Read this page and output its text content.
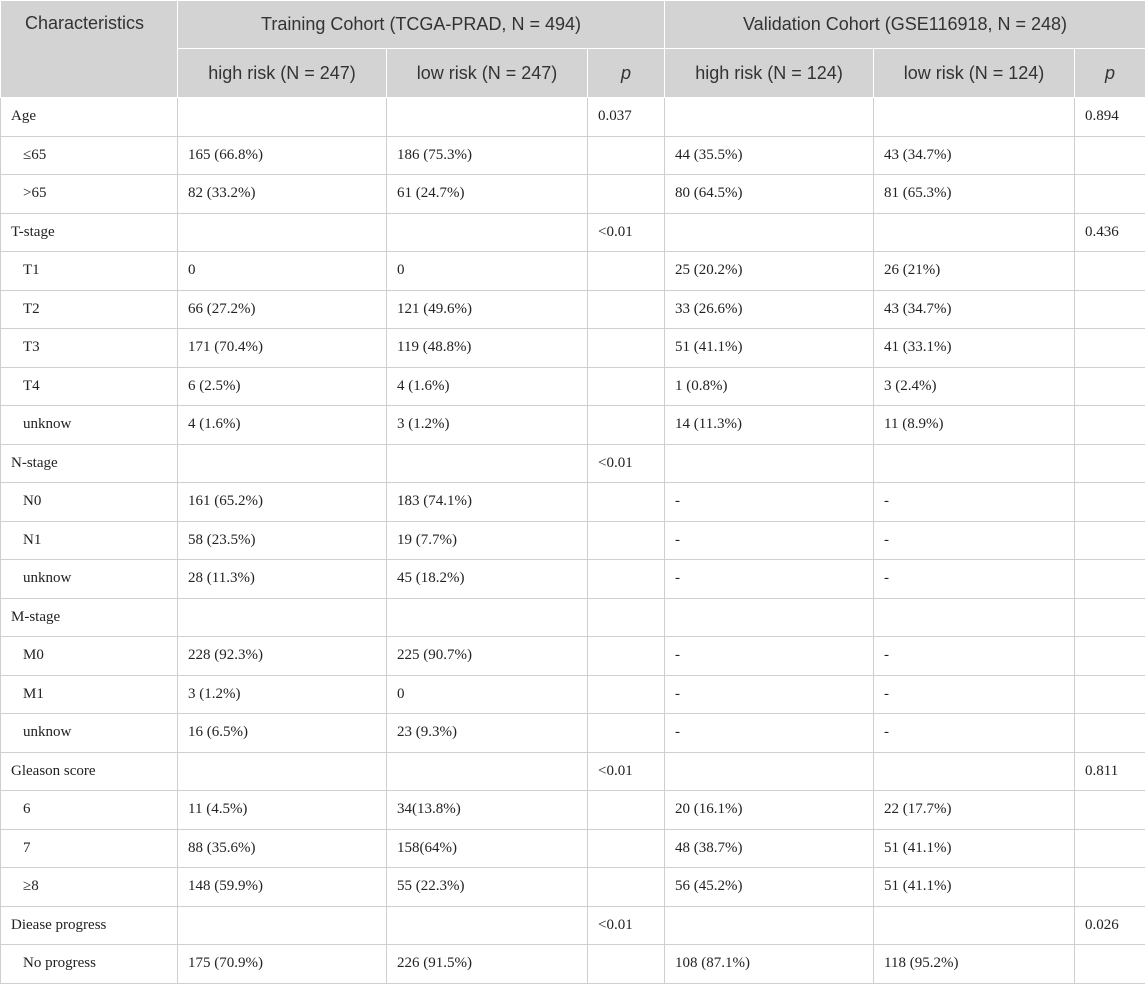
Characteristics	Training Cohort (TCGA-PRAD, N = 494)			Validation Cohort (GSE116918, N = 248)		
	high risk (N = 247)	low risk (N = 247)	p	high risk (N = 124)	low risk (N = 124)	p
Age			0.037			0.894
≤65	165 (66.8%)	186 (75.3%)		44 (35.5%)	43 (34.7%)	
>65	82 (33.2%)	61 (24.7%)		80 (64.5%)	81 (65.3%)	
T-stage			<0.01			0.436
T1	0	0		25 (20.2%)	26 (21%)	
T2	66 (27.2%)	121 (49.6%)		33 (26.6%)	43 (34.7%)	
T3	171 (70.4%)	119 (48.8%)		51 (41.1%)	41 (33.1%)	
T4	6 (2.5%)	4 (1.6%)		1 (0.8%)	3 (2.4%)	
unknow	4 (1.6%)	3 (1.2%)		14 (11.3%)	11 (8.9%)	
N-stage			<0.01			
N0	161 (65.2%)	183 (74.1%)		-	-	
N1	58 (23.5%)	19 (7.7%)		-	-	
unknow	28 (11.3%)	45 (18.2%)		-	-	
M-stage						
M0	228 (92.3%)	225 (90.7%)		-	-	
M1	3 (1.2%)	0		-	-	
unknow	16 (6.5%)	23 (9.3%)		-	-	
Gleason score			<0.01			0.811
6	11 (4.5%)	34(13.8%)		20 (16.1%)	22 (17.7%)	
7	88 (35.6%)	158(64%)		48 (38.7%)	51 (41.1%)	
≥8	148 (59.9%)	55 (22.3%)		56 (45.2%)	51 (41.1%)	
Diease progress			<0.01			0.026
No progress	175 (70.9%)	226 (91.5%)		108 (87.1%)	118 (95.2%)	
